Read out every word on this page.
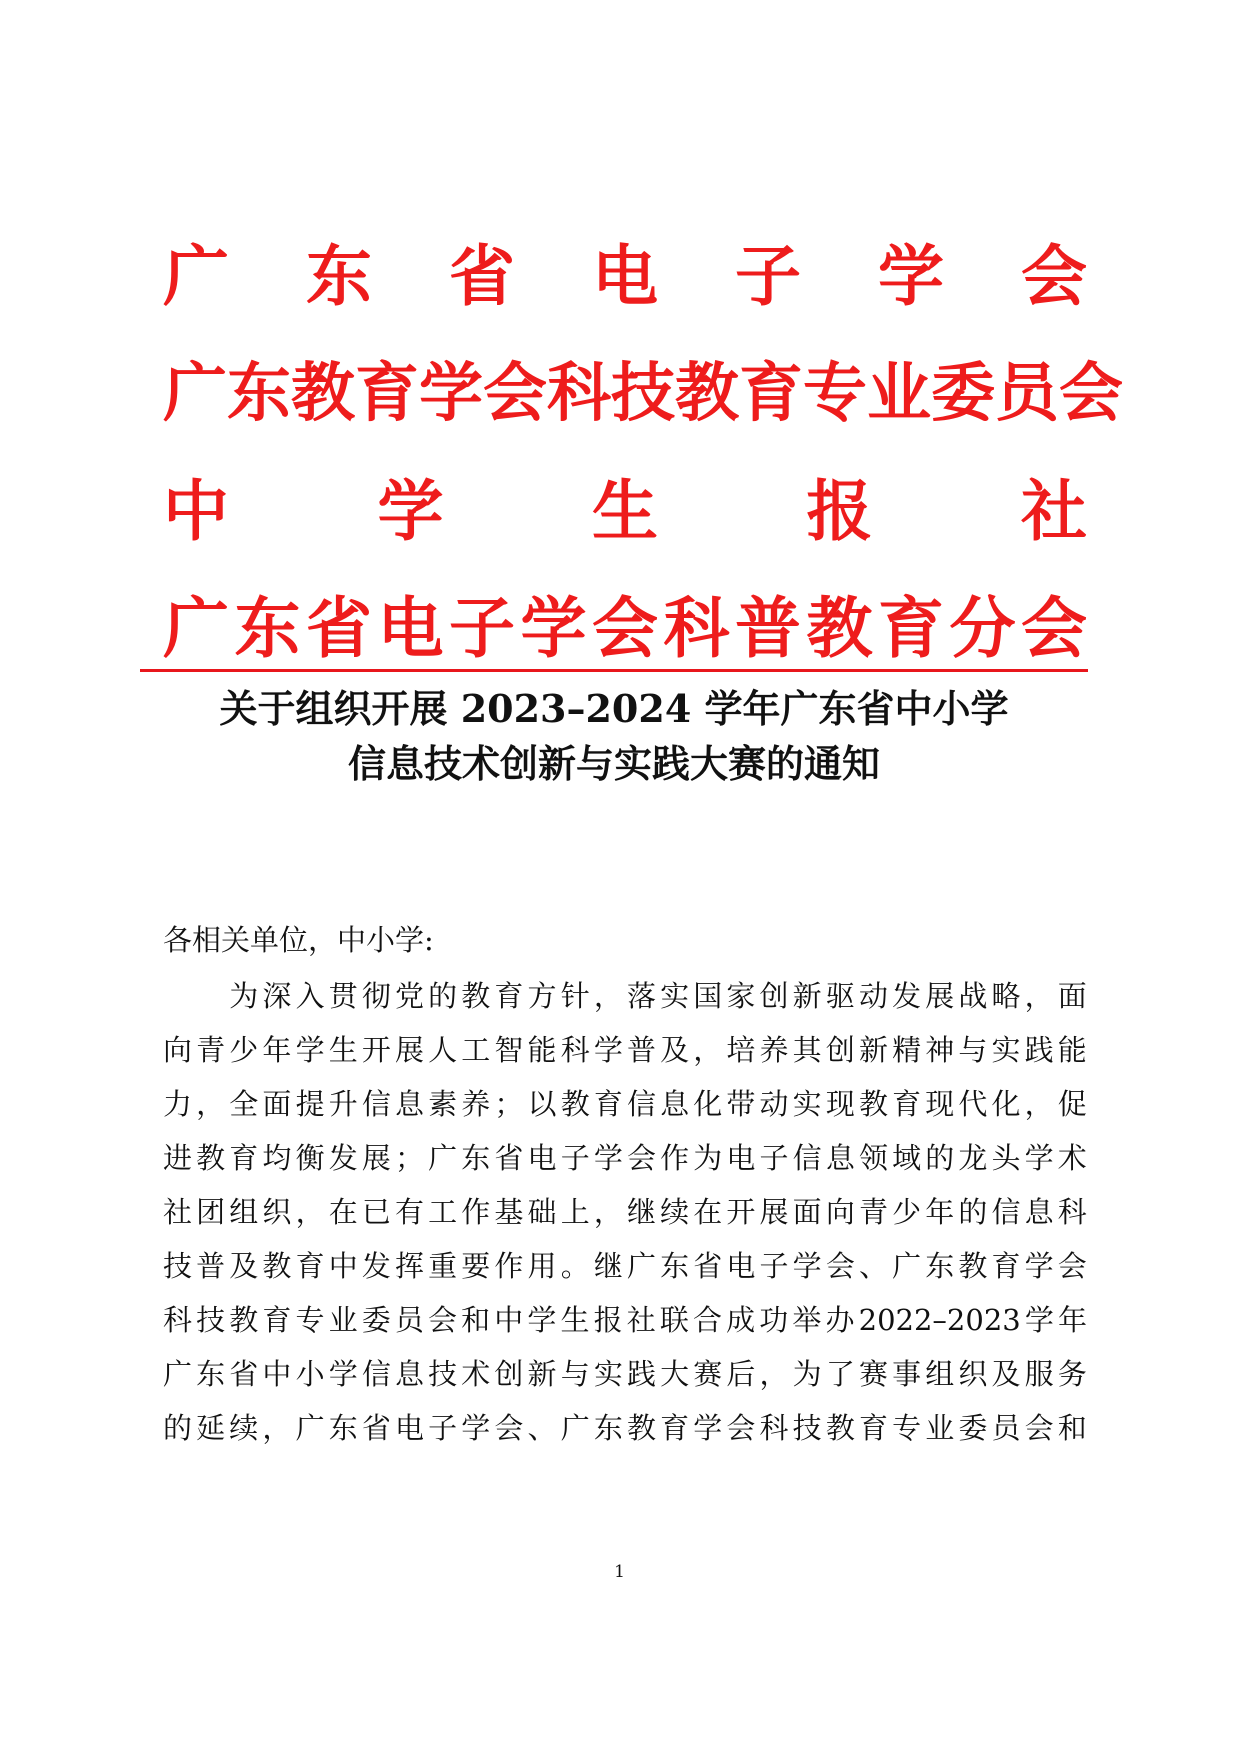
广 东 省 电 子 学 会
广 东 教 育 学 会 科 技 教 育 专 业 委 员 会
中 学 生 报 社
广 东 省 电 子 学 会 科 普 教 育 分 会
关于组织开展 2023–2024 学年广东省中小学
信息技术创新与实践大赛的通知
各相关单位，中小学:

为 深 入 贯 彻 党 的 教 育 方 针 ， 落 实 国 家 创 新 驱 动 发 展 战 略 ， 面
向 青 少 年 学 生 开 展 人 工 智 能 科 学 普 及 ， 培 养 其 创 新 精 神 与 实 践 能
力 ， 全 面 提 升 信 息 素 养 ； 以 教 育 信 息 化 带 动 实 现 教 育 现 代 化 ， 促
进 教 育 均 衡 发 展 ； 广 东 省 电 子 学 会 作 为 电 子 信 息 领 域 的 龙 头 学 术
社 团 组 织 ， 在 已 有 工 作 基 础 上 ， 继 续 在 开 展 面 向 青 少 年 的 信 息 科
技 普 及 教 育 中 发 挥 重 要 作 用 。 继 广 东 省 电 子 学 会 、 广 东 教 育 学 会
科 技 教 育 专 业 委 员 会 和 中 学 生 报 社 联 合 成 功 举 办 2022–2023 学 年
广 东 省 中 小 学 信 息 技 术 创 新 与 实 践 大 赛 后 ， 为 了 赛 事 组 织 及 服 务
的 延 续 ， 广 东 省 电 子 学 会 、 广 东 教 育 学 会 科 技 教 育 专 业 委 员 会 和
1
